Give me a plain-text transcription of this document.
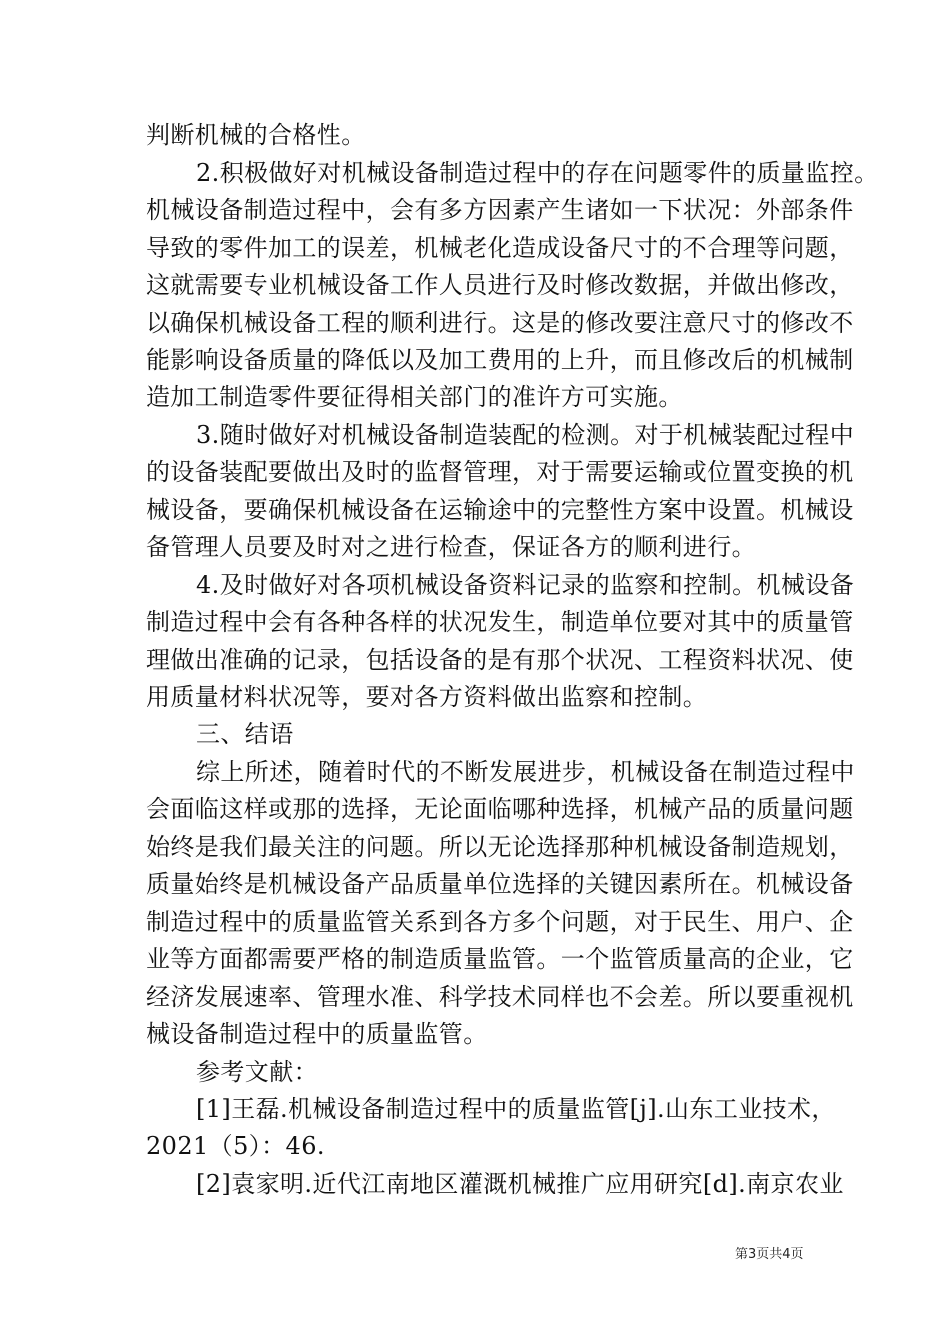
判断机械的合格性。
2.积极做好对机械设备制造过程中的存在问题零件的质量监控。
机械设备制造过程中，会有多方因素产生诸如一下状况：外部条件
导致的零件加工的误差，机械老化造成设备尺寸的不合理等问题，
这就需要专业机械设备工作人员进行及时修改数据，并做出修改，
以确保机械设备工程的顺利进行。这是的修改要注意尺寸的修改不
能影响设备质量的降低以及加工费用的上升，而且修改后的机械制
造加工制造零件要征得相关部门的准许方可实施。
3.随时做好对机械设备制造装配的检测。对于机械装配过程中
的设备装配要做出及时的监督管理，对于需要运输或位置变换的机
械设备，要确保机械设备在运输途中的完整性方案中设置。机械设
备管理人员要及时对之进行检查，保证各方的顺利进行。
4.及时做好对各项机械设备资料记录的监察和控制。机械设备
制造过程中会有各种各样的状况发生，制造单位要对其中的质量管
理做出准确的记录，包括设备的是有那个状况、工程资料状况、使
用质量材料状况等，要对各方资料做出监察和控制。
三、结语
综上所述，随着时代的不断发展进步，机械设备在制造过程中
会面临这样或那的选择，无论面临哪种选择，机械产品的质量问题
始终是我们最关注的问题。所以无论选择那种机械设备制造规划，
质量始终是机械设备产品质量单位选择的关键因素所在。机械设备
制造过程中的质量监管关系到各方多个问题，对于民生、用户、企
业等方面都需要严格的制造质量监管。一个监管质量高的企业，它
经济发展速率、管理水准、科学技术同样也不会差。所以要重视机
械设备制造过程中的质量监管。
参考文献：
[1]王磊.机械设备制造过程中的质量监管[j].山东工业技术，
2021（5）：46.
[2]袁家明.近代江南地区灌溉机械推广应用研究[d].南京农业
第3页共4页
